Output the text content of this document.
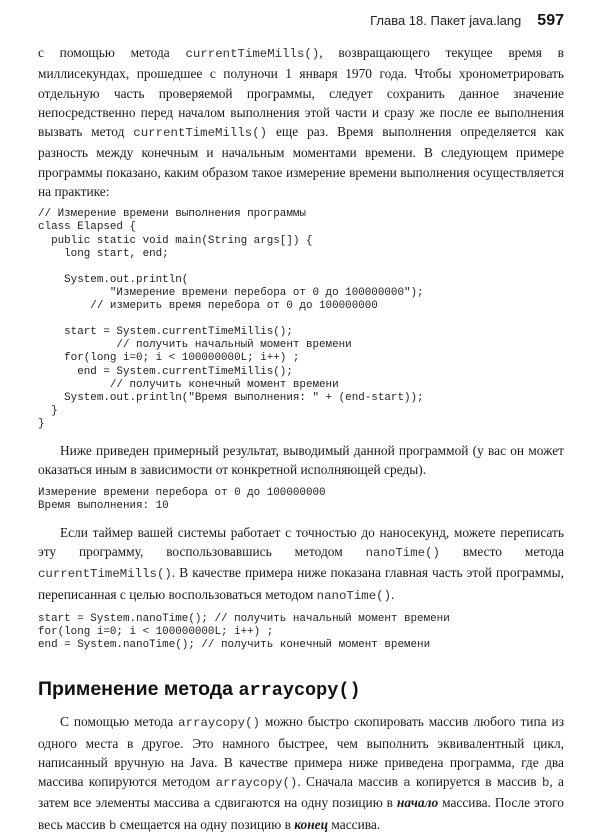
Глава 18. Пакет java.lang 597

с помощью метода currentTimeMills(), возвращающего текущее время в миллисекундах, прошедшее с полуночи 1 января 1970 года. Чтобы хронометрировать отдельную часть проверяемой программы, следует сохранить данное значение непосредственно перед началом выполнения этой части и сразу же после ее выполнения вызвать метод currentTimeMills() еще раз. Время выполнения определяется как разность между конечным и начальным моментами времени. В следующем примере программы показано, каким образом такое измерение времени выполнения осуществляется на практике:

// Измерение времени выполнения программы
class Elapsed {
public static void main(String args[]) {
long start, end;

System.out.println(
"Измерение времени перебора от 0 до 100000000");
// измерить время перебора от 0 до 100000000

start = System.currentTimeMillis();
// получить начальный момент времени
for(long i=0; i < 100000000L; i++) ;
end = System.currentTimeMillis();
// получить конечный момент времени
System.out.println("Время выполнения: " + (end-start));
}
}

Ниже приведен примерный результат, выводимый данной программой (у вас он может оказаться иным в зависимости от конкретной исполняющей среды).

Измерение времени перебора от 0 до 100000000
Время выполнения: 10

Если таймер вашей системы работает с точностью до наносекунд, можете переписать эту программу, воспользовавшись методом nanoTime() вместо метода currentTimeMills(). В качестве примера ниже показана главная часть этой программы, переписанная с целью воспользоваться методом nanoTime().

start = System.nanoTime(); // получить начальный момент времени
for(long i=0; i < 100000000L; i++) ;
end = System.nanoTime(); // получить конечный момент времени
Применение метода arraycopy()

С помощью метода arraycopy() можно быстро скопировать массив любого типа из одного места в другое. Это намного быстрее, чем выполнить эквивалентный цикл, написанный вручную на Java. В качестве примера ниже приведена программа, где два массива копируются методом arraycopy(). Сначала массив a копируется в массив b, а затем все элементы массива a сдвигаются на одну позицию в начало массива. После этого весь массив b смещается на одну позицию в конец массива.
